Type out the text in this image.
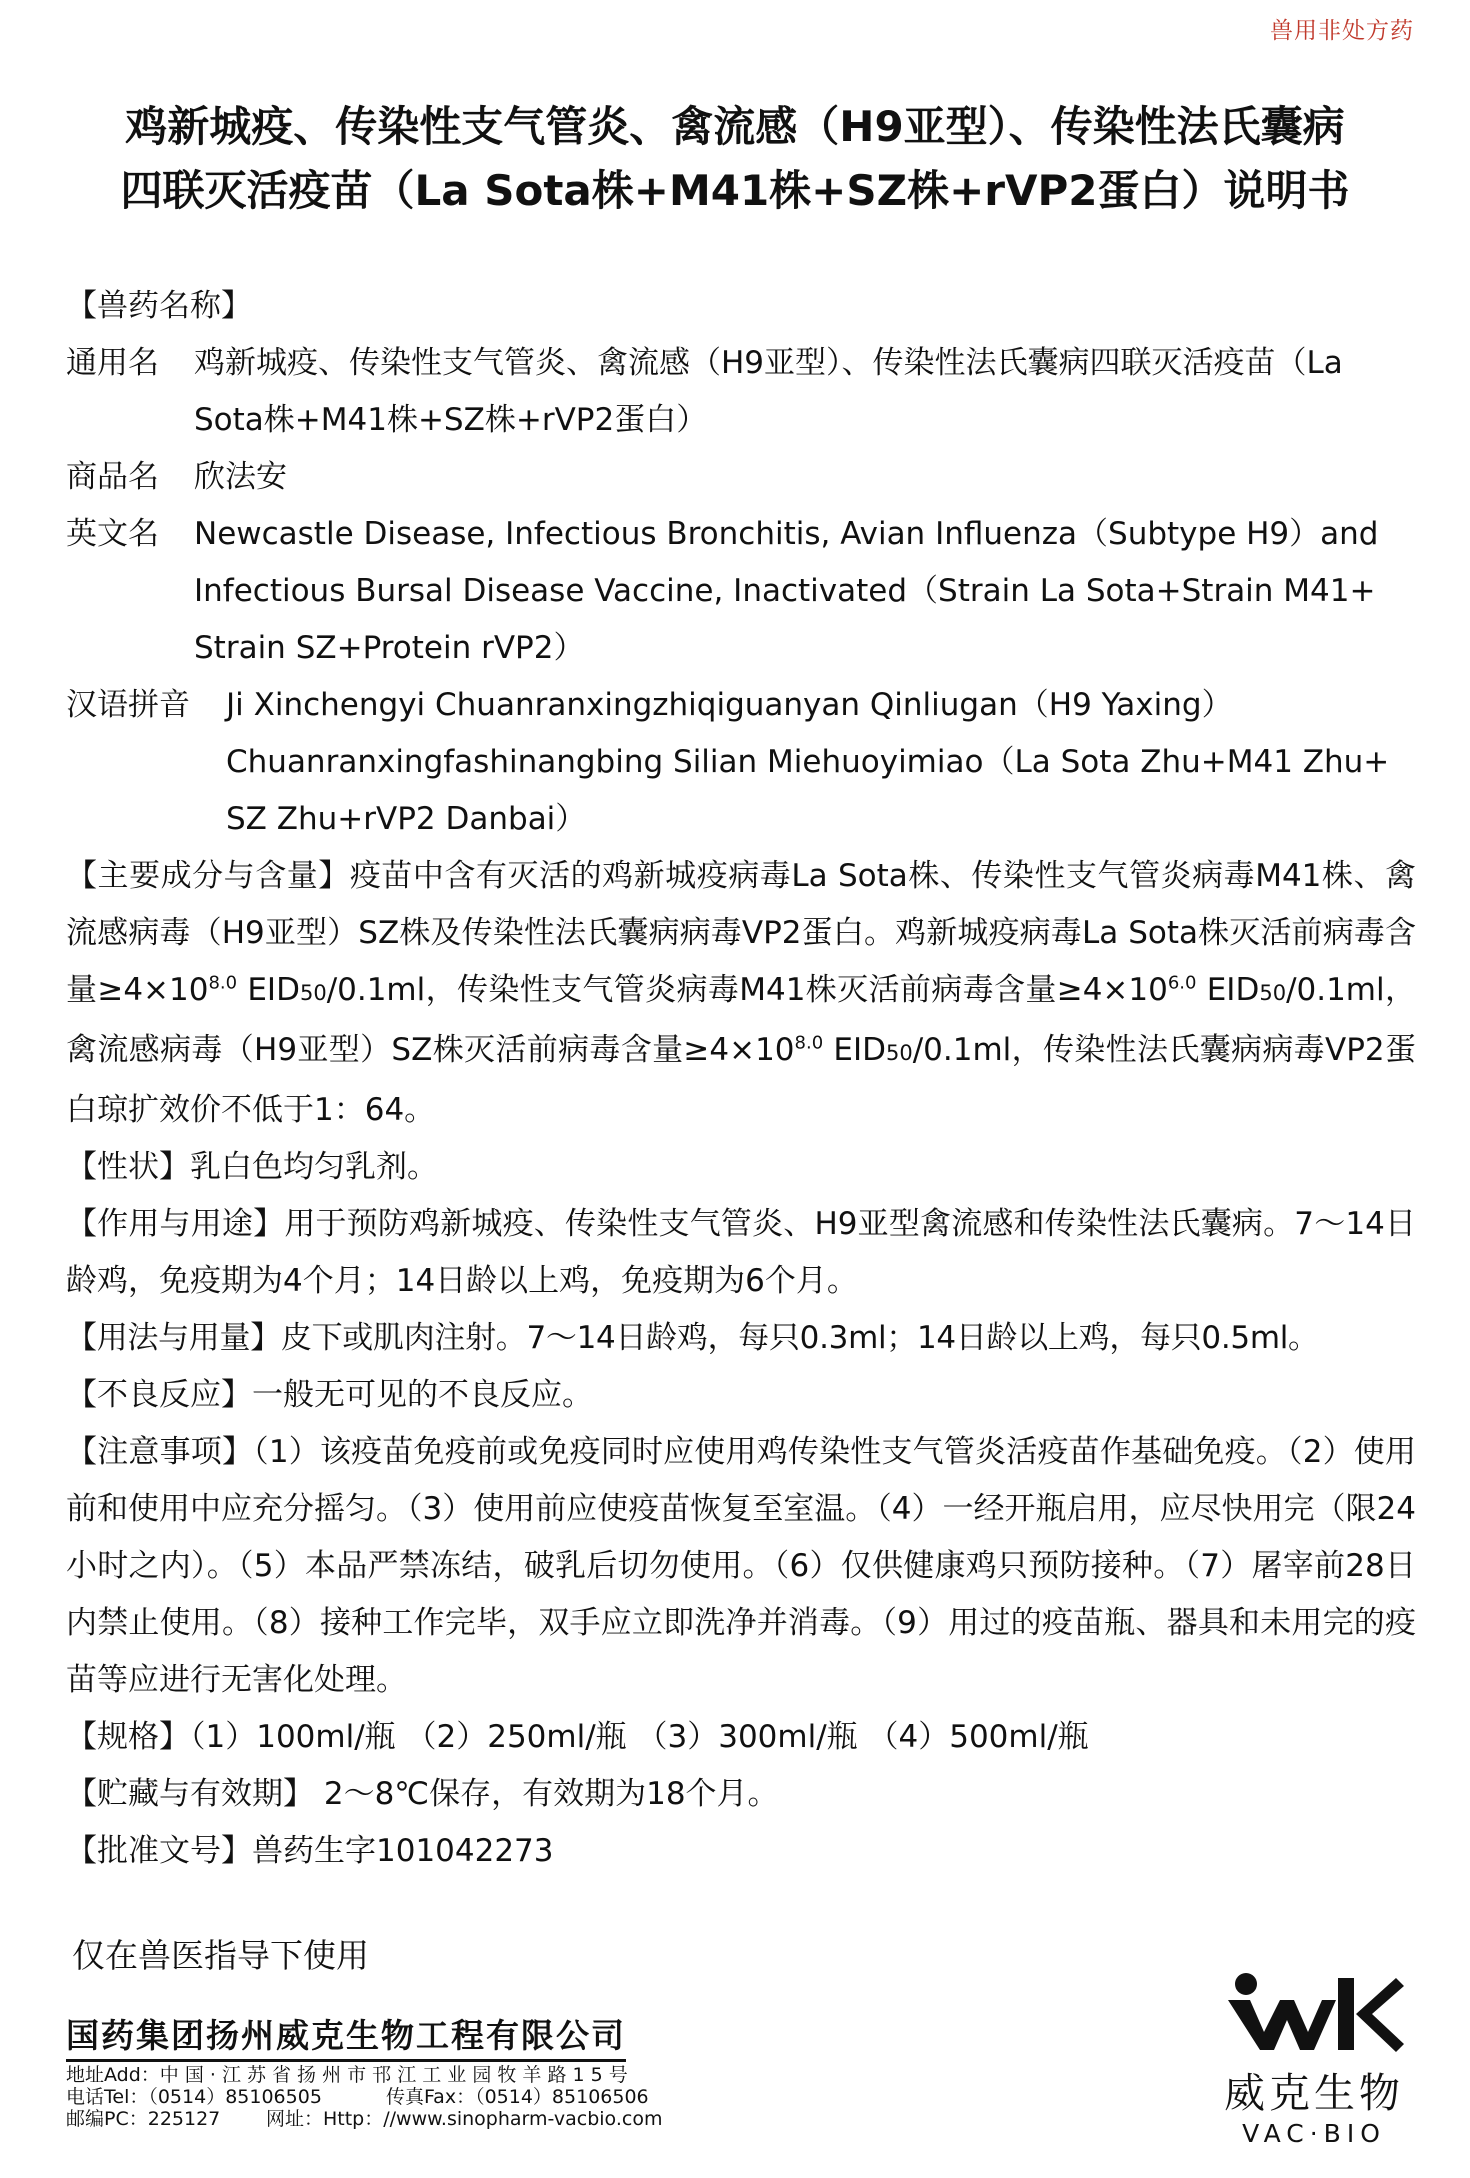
兽用非处方药
鸡新城疫、传染性支气管炎、禽流感（H9亚型）、传染性法氏囊病
四联灭活疫苗（La Sota株+M41株+SZ株+rVP2蛋白）说明书
【兽药名称】
通用名	鸡新城疫、传染性支气管炎、禽流感（H9亚型）、传染性法氏囊病四联灭活疫苗（La Sota株+M41株+SZ株+rVP2蛋白）
商品名	欣法安
英文名	Newcastle Disease, Infectious Bronchitis, Avian Influenza（Subtype H9）and Infectious Bursal Disease Vaccine, Inactivated（Strain La Sota+Strain M41+ Strain SZ+Protein rVP2）
汉语拼音	Ji Xinchengyi Chuanranxingzhiqiguanyan Qinliugan（H9 Yaxing） Chuanranxingfashinangbing Silian Miehuoyimiao（La Sota Zhu+M41 Zhu+ SZ Zhu+rVP2 Danbai）
【主要成分与含量】疫苗中含有灭活的鸡新城疫病毒La Sota株、传染性支气管炎病毒M41株、禽流感病毒（H9亚型）SZ株及传染性法氏囊病病毒VP2蛋白。鸡新城疫病毒La Sota株灭活前病毒含量$\ge 4\times 10^{8.0}$ EID50/0.1ml，传染性支气管炎病毒M41株灭活前病毒含量$\ge 4\times 10^{6.0}$ EID50/0.1ml，禽流感病毒（H9亚型）SZ株灭活前病毒含量$\ge 4\times 10^{8.0}$ EID50/0.1ml，传染性法氏囊病病毒VP2蛋白琼扩效价不低于1：64。
【性状】乳白色均匀乳剂。
【作用与用途】用于预防鸡新城疫、传染性支气管炎、H9亚型禽流感和传染性法氏囊病。7～14日龄鸡，免疫期为4个月；14日龄以上鸡，免疫期为6个月。
【用法与用量】皮下或肌肉注射。7～14日龄鸡，每只0.3ml；14日龄以上鸡，每只0.5ml。
【不良反应】一般无可见的不良反应。
【注意事项】（1）该疫苗免疫前或免疫同时应使用鸡传染性支气管炎活疫苗作基础免疫。（2）使用前和使用中应充分摇匀。（3）使用前应使疫苗恢复至室温。（4）一经开瓶启用，应尽快用完（限24小时之内）。（5）本品严禁冻结，破乳后切勿使用。（6）仅供健康鸡只预防接种。（7）屠宰前28日内禁止使用。（8）接种工作完毕，双手应立即洗净并消毒。（9）用过的疫苗瓶、器具和未用完的疫苗等应进行无害化处理。
【规格】（1）100ml/瓶 （2）250ml/瓶 （3）300ml/瓶 （4）500ml/瓶
【贮藏与有效期】 2～8℃保存，有效期为18个月。
【批准文号】兽药生字101042273
仅在兽医指导下使用
国药集团扬州威克生物工程有限公司
地址Add：中 国 · 江 苏 省 扬 州 市 邗 江 工 业 园 牧 羊 路 1 5 号
电话Tel：（0514）85106505	传真Fax：（0514）85106506
邮编PC：225127 网址：Http：//www.sinopharm-vacbio.com
威克生物
VAC·BIO
